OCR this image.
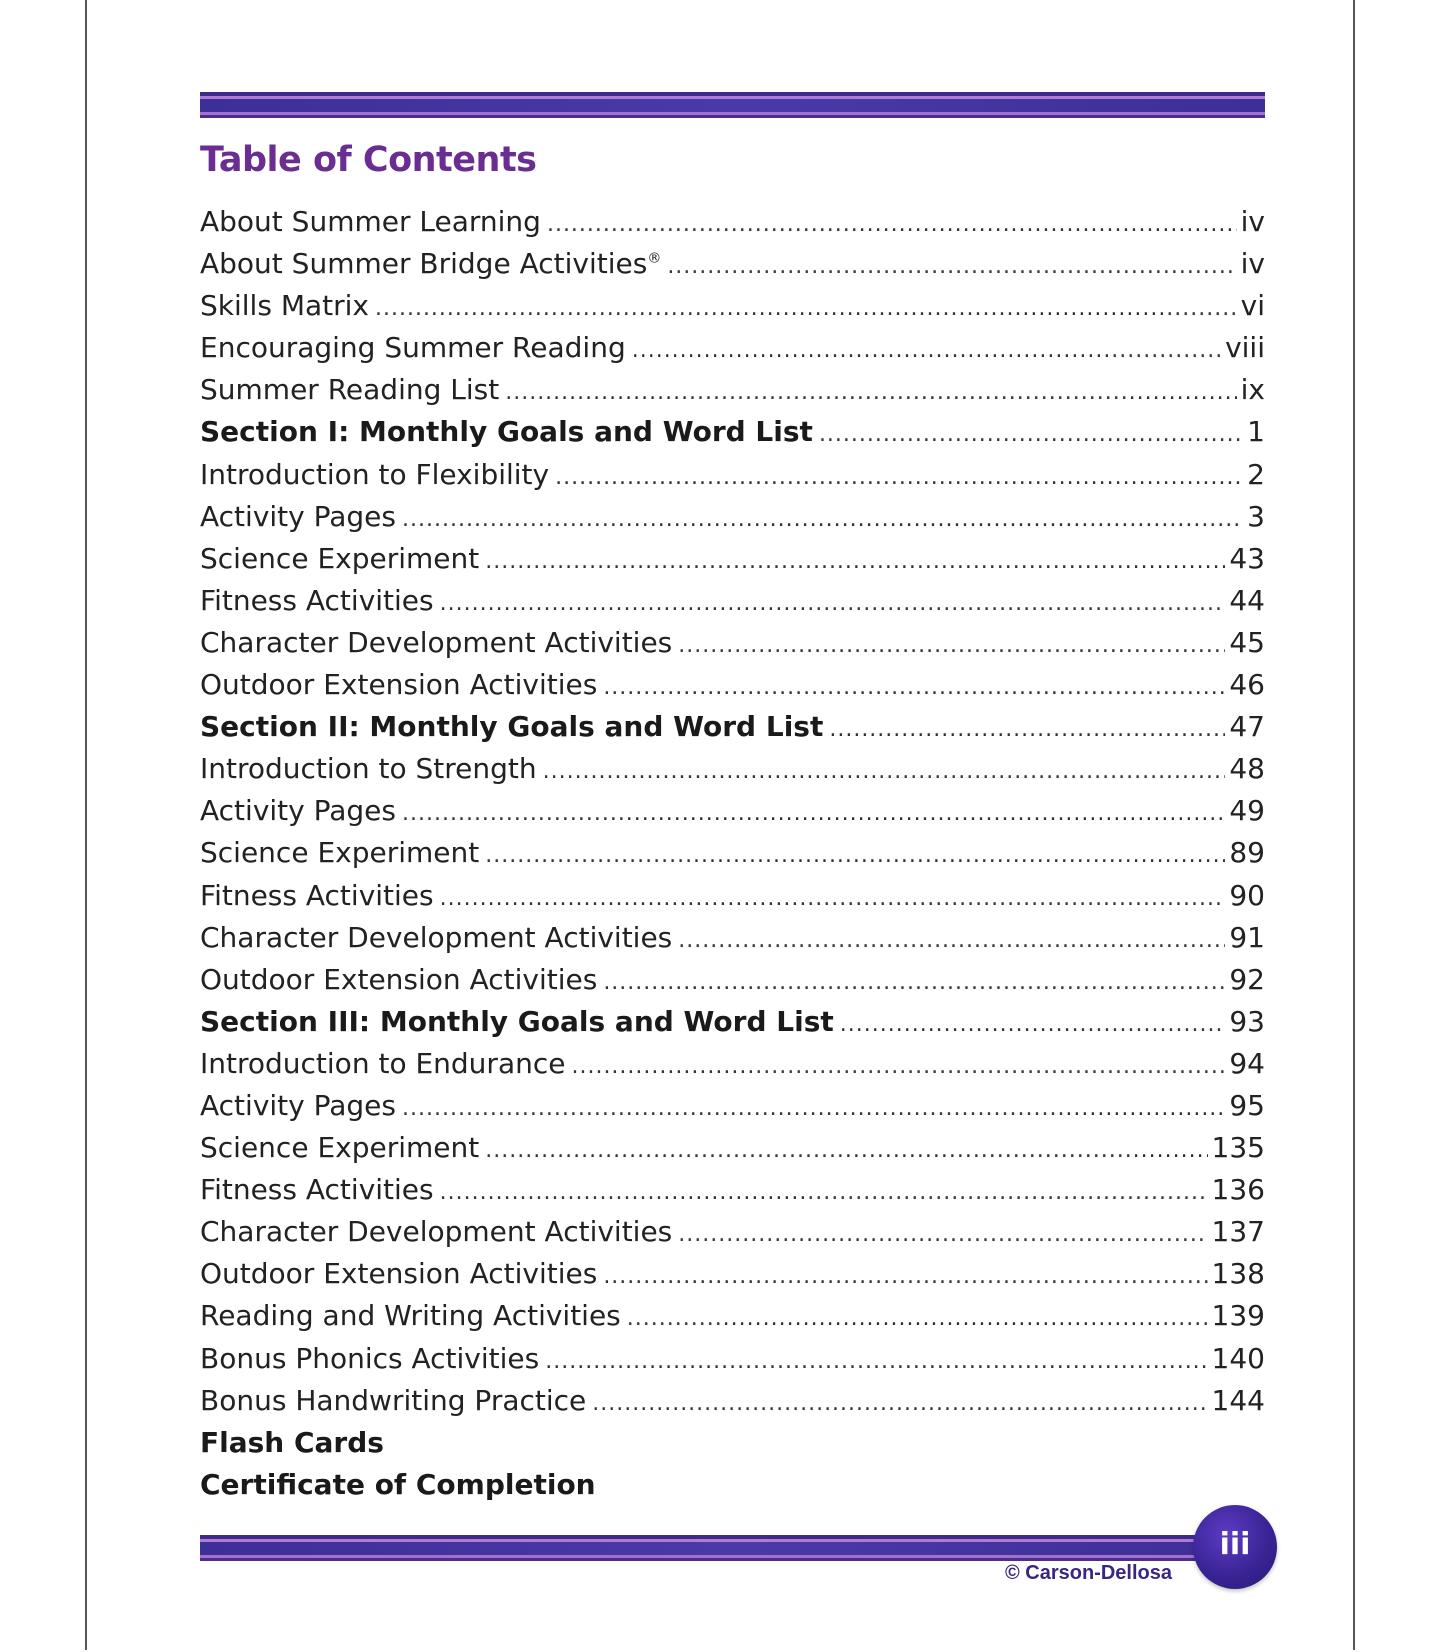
Table of Contents
About Summer Learning .....	iv
About Summer Bridge Activities® .....	iv
Skills Matrix .....	vi
Encouraging Summer Reading .....	viii
Summer Reading List .....	ix
Section I: Monthly Goals and Word List .....	1
Introduction to Flexibility .....	2
Activity Pages .....	3
Science Experiment .....	43
Fitness Activities .....	44
Character Development Activities .....	45
Outdoor Extension Activities .....	46
Section II: Monthly Goals and Word List .....	47
Introduction to Strength .....	48
Activity Pages .....	49
Science Experiment .....	89
Fitness Activities .....	90
Character Development Activities .....	91
Outdoor Extension Activities .....	92
Section III: Monthly Goals and Word List .....	93
Introduction to Endurance .....	94
Activity Pages .....	95
Science Experiment .....	135
Fitness Activities .....	136
Character Development Activities .....	137
Outdoor Extension Activities .....	138
Reading and Writing Activities .....	139
Bonus Phonics Activities .....	140
Bonus Handwriting Practice .....	144
Flash Cards
Certificate of Completion
iii
© Carson-Dellosa
